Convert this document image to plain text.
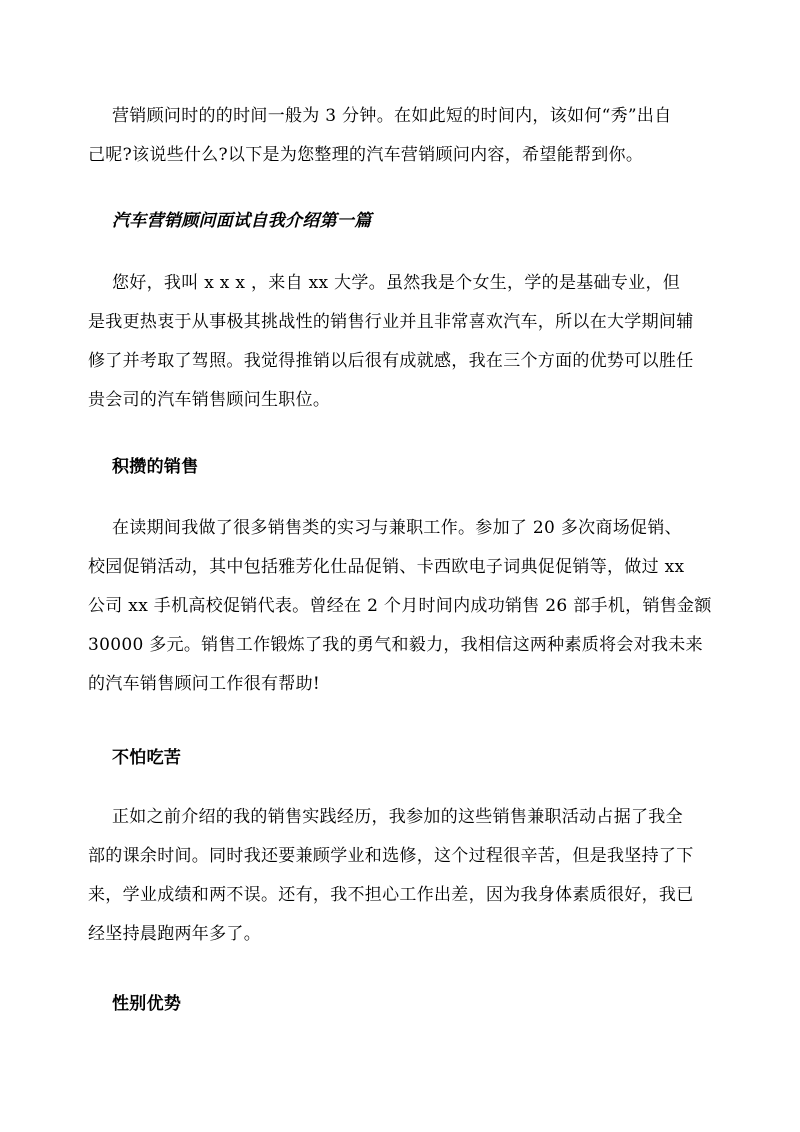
营销顾问时的的时间一般为 3 分钟。在如此短的时间内，该如何“秀”出自
己呢?该说些什么?以下是为您整理的汽车营销顾问内容，希望能帮到你。

汽车营销顾问面试自我介绍第一篇

您好，我叫 x x x ，来自 xx 大学。虽然我是个女生，学的是基础专业，但
是我更热衷于从事极其挑战性的销售行业并且非常喜欢汽车，所以在大学期间辅
修了并考取了驾照。我觉得推销以后很有成就感，我在三个方面的优势可以胜任
贵会司的汽车销售顾问生职位。

积攒的销售

在读期间我做了很多销售类的实习与兼职工作。参加了 20 多次商场促销、
校园促销活动，其中包括雅芳化仕品促销、卡西欧电子词典促促销等，做过 xx
公司 xx 手机高校促销代表。曾经在 2 个月时间内成功销售 26 部手机，销售金额
30000 多元。销售工作锻炼了我的勇气和毅力，我相信这两种素质将会对我未来
的汽车销售顾问工作很有帮助!

不怕吃苦

正如之前介绍的我的销售实践经历，我参加的这些销售兼职活动占据了我全
部的课余时间。同时我还要兼顾学业和选修，这个过程很辛苦，但是我坚持了下
来，学业成绩和两不误。还有，我不担心工作出差，因为我身体素质很好，我已
经坚持晨跑两年多了。

性别优势
